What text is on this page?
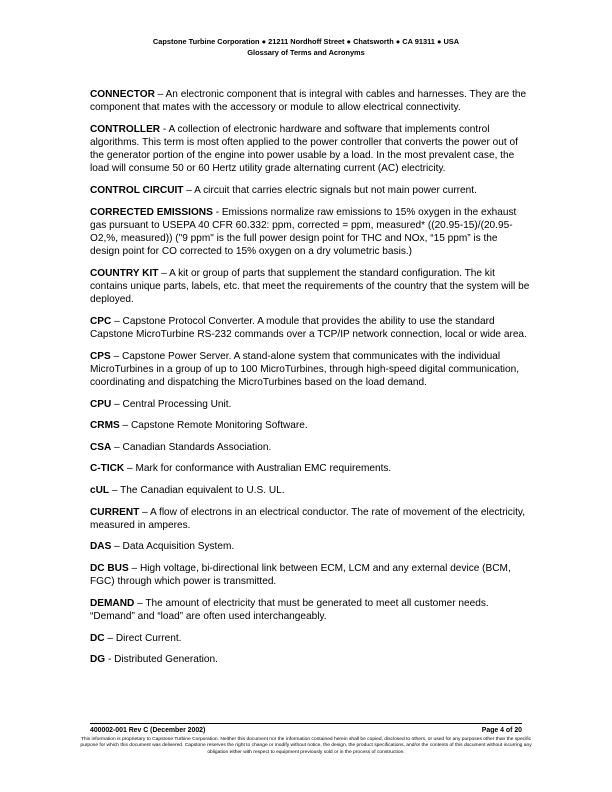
Capstone Turbine Corporation ● 21211 Nordhoff Street ● Chatsworth ● CA 91311 ● USA
Glossary of Terms and Acronyms

CONNECTOR – An electronic component that is integral with cables and harnesses. They are the component that mates with the accessory or module to allow electrical connectivity.

CONTROLLER - A collection of electronic hardware and software that implements control algorithms. This term is most often applied to the power controller that converts the power out of the generator portion of the engine into power usable by a load. In the most prevalent case, the load will consume 50 or 60 Hertz utility grade alternating current (AC) electricity.

CONTROL CIRCUIT – A circuit that carries electric signals but not main power current.

CORRECTED EMISSIONS - Emissions normalize raw emissions to 15% oxygen in the exhaust gas pursuant to USEPA 40 CFR 60.332: ppm, corrected = ppm, measured* ((20.95-15)/(20.95-O2,%, measured)) ("9 ppm" is the full power design point for THC and NOx, “15 ppm” is the design point for CO corrected to 15% oxygen on a dry volumetric basis.)

COUNTRY KIT – A kit or group of parts that supplement the standard configuration. The kit contains unique parts, labels, etc. that meet the requirements of the country that the system will be deployed.

CPC – Capstone Protocol Converter. A module that provides the ability to use the standard Capstone MicroTurbine RS-232 commands over a TCP/IP network connection, local or wide area.

CPS – Capstone Power Server. A stand-alone system that communicates with the individual MicroTurbines in a group of up to 100 MicroTurbines, through high-speed digital communication, coordinating and dispatching the MicroTurbines based on the load demand.

CPU – Central Processing Unit.

CRMS – Capstone Remote Monitoring Software.

CSA – Canadian Standards Association.

C-TICK – Mark for conformance with Australian EMC requirements.

cUL – The Canadian equivalent to U.S. UL.

CURRENT – A flow of electrons in an electrical conductor. The rate of movement of the electricity, measured in amperes.

DAS – Data Acquisition System.

DC BUS – High voltage, bi-directional link between ECM, LCM and any external device (BCM, FGC) through which power is transmitted.

DEMAND – The amount of electricity that must be generated to meet all customer needs. “Demand” and “load” are often used interchangeably.

DC – Direct Current.

DG - Distributed Generation.

400002-001 Rev C (December 2002)	Page 4 of 20
This information is proprietary to Capstone Turbine Corporation. Neither this document nor the information contained herein shall be copied, disclosed to others, or used for any purposes other than the specific purpose for which this document was delivered. Capstone reserves the right to change or modify without notice, the design, the product specifications, and/or the contents of this document without incurring any obligation either with respect to equipment previously sold or in the process of construction.
